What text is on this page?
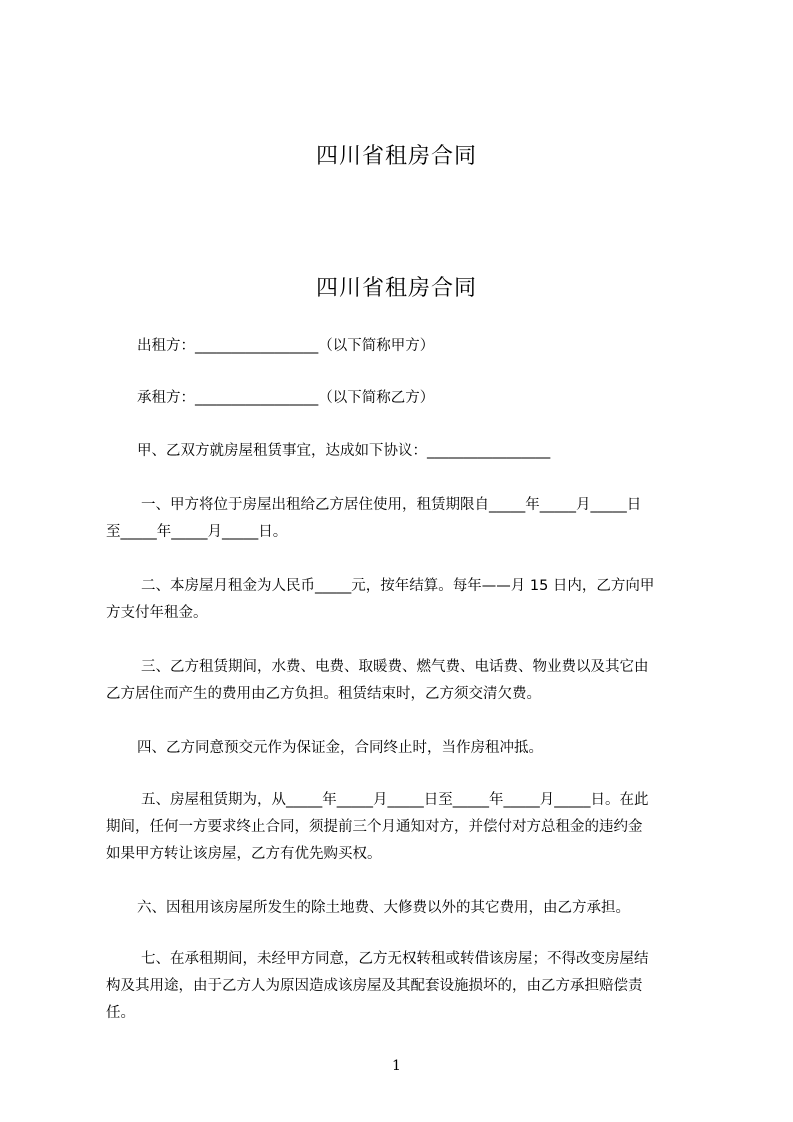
四川省租房合同
四川省租房合同
出租方：_________________（以下简称甲方）
承租方：_________________（以下简称乙方）
甲、乙双方就房屋租赁事宜，达成如下协议：_________________
一、甲方将位于房屋出租给乙方居住使用，租赁期限自_____年_____月_____日
至_____年_____月_____日。
二、本房屋月租金为人民币_____元，按年结算。每年——月 15 日内，乙方向甲
方支付年租金。
三、乙方租赁期间，水费、电费、取暖费、燃气费、电话费、物业费以及其它由
乙方居住而产生的费用由乙方负担。租赁结束时，乙方须交清欠费。
四、乙方同意预交元作为保证金，合同终止时，当作房租冲抵。
五、房屋租赁期为，从_____年_____月_____日至_____年_____月_____日。在此
期间，任何一方要求终止合同，须提前三个月通知对方，并偿付对方总租金的违约金
如果甲方转让该房屋，乙方有优先购买权。
六、因租用该房屋所发生的除土地费、大修费以外的其它费用，由乙方承担。
七、在承租期间，未经甲方同意，乙方无权转租或转借该房屋；不得改变房屋结
构及其用途，由于乙方人为原因造成该房屋及其配套设施损坏的，由乙方承担赔偿责
任。
1
